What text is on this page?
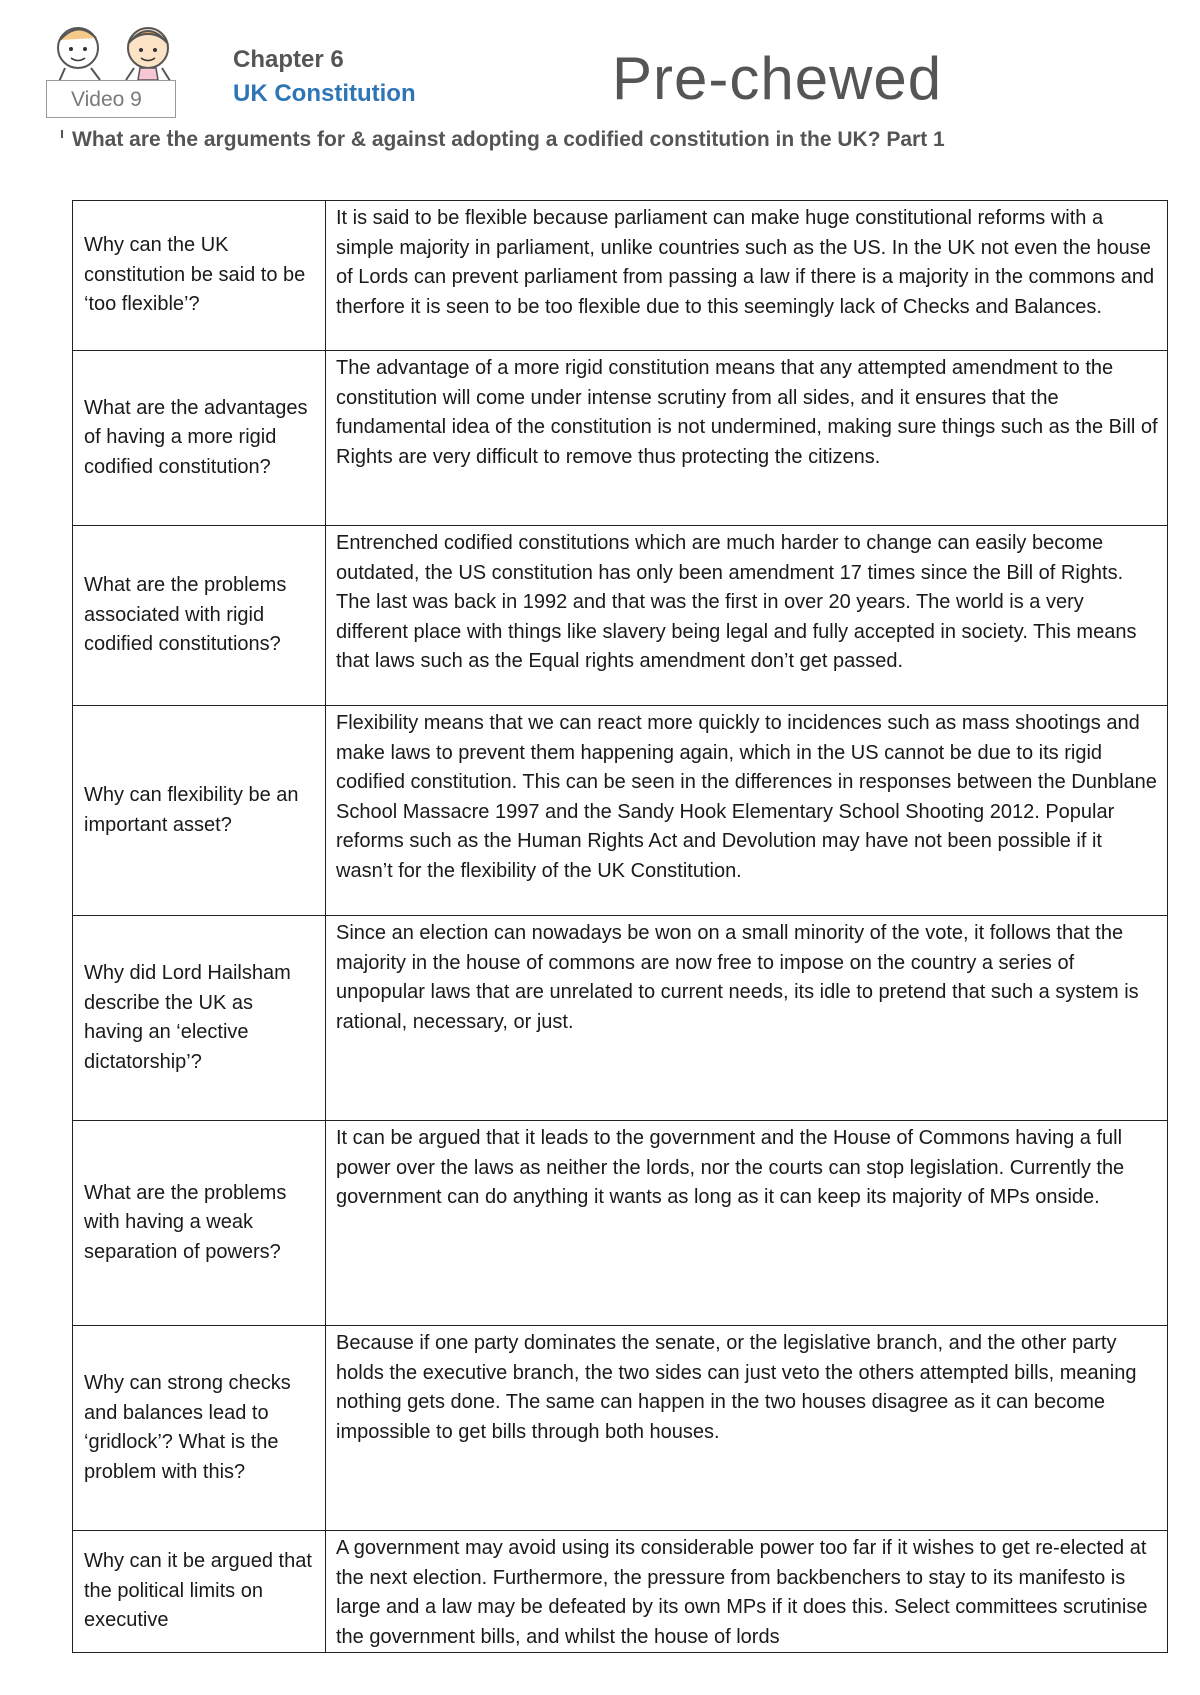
Video 9
Chapter 6
UK Constitution	Pre-chewed
What are the arguments for & against adopting a codified constitution in the UK? Part 1
Why can the UK constitution be said to be ‘too flexible’?	It is said to be flexible because parliament can make huge constitutional reforms with a simple majority in parliament, unlike countries such as the US. In the UK not even the house of Lords can prevent parliament from passing a law if there is a majority in the commons and therfore it is seen to be too flexible due to this seemingly lack of Checks and Balances.

What are the advantages of having a more rigid codified constitution?	The advantage of a more rigid constitution means that any attempted amendment to the constitution will come under intense scrutiny from all sides, and it ensures that the fundamental idea of the constitution is not undermined, making sure things such as the Bill of Rights are very difficult to remove thus protecting the citizens.

What are the problems associated with rigid codified constitutions?	Entrenched codified constitutions which are much harder to change can easily become outdated, the US constitution has only been amendment 17 times since the Bill of Rights. The last was back in 1992 and that was the first in over 20 years. The world is a very different place with things like slavery being legal and fully accepted in society. This means that laws such as the Equal rights amendment don’t get passed.

Why can flexibility be an important asset?	Flexibility means that we can react more quickly to incidences such as mass shootings and make laws to prevent them happening again, which in the US cannot be due to its rigid codified constitution. This can be seen in the differences in responses between the Dunblane School Massacre 1997 and the Sandy Hook Elementary School Shooting 2012. Popular reforms such as the Human Rights Act and Devolution may have not been possible if it wasn’t for the flexibility of the UK Constitution.

Why did Lord Hailsham describe the UK as having an ‘elective dictatorship’?	Since an election can nowadays be won on a small minority of the vote, it follows that the majority in the house of commons are now free to impose on the country a series of unpopular laws that are unrelated to current needs, its idle to pretend that such a system is rational, necessary, or just.

What are the problems with having a weak separation of powers?	It can be argued that it leads to the government and the House of Commons having a full power over the laws as neither the lords, nor the courts can stop legislation. Currently the government can do anything it wants as long as it can keep its majority of MPs onside.

Why can strong checks and balances lead to ‘gridlock’? What is the problem with this?	Because if one party dominates the senate, or the legislative branch, and the other party holds the executive branch, the two sides can just veto the others attempted bills, meaning nothing gets done. The same can happen in the two houses disagree as it can become impossible to get bills through both houses.

Why can it be argued that the political limits on executive	A government may avoid using its considerable power too far if it wishes to get re-elected at the next election. Furthermore, the pressure from backbenchers to stay to its manifesto is large and a law may be defeated by its own MPs if it does this. Select committees scrutinise the government bills, and whilst the house of lords
